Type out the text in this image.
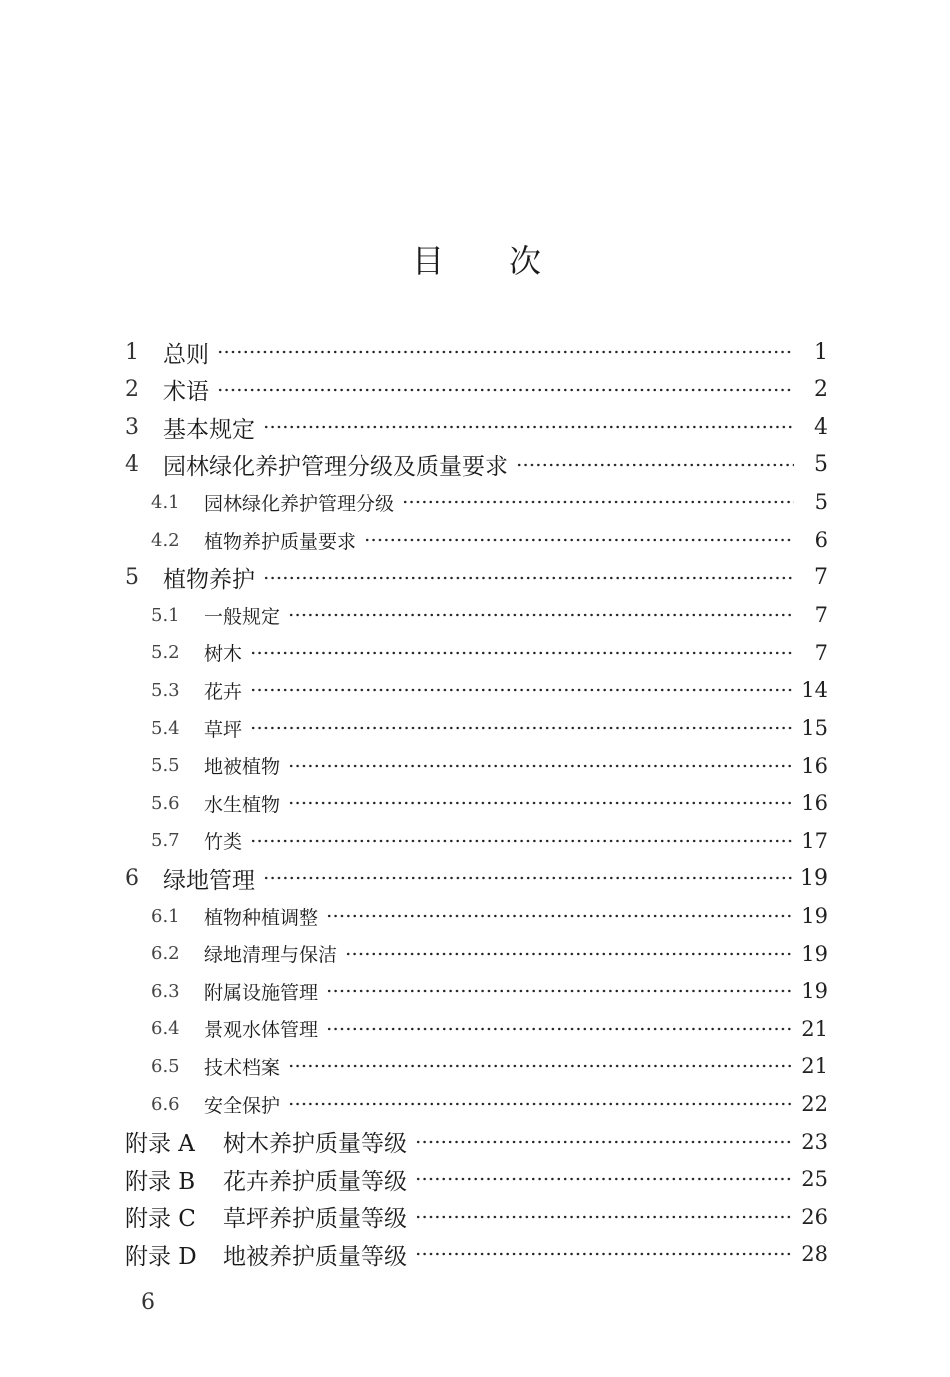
目 次
1	总则	1
2	术语	2
3	基本规定	4
4	园林绿化养护管理分级及质量要求	5
4.1	园林绿化养护管理分级	5
4.2	植物养护质量要求	6
5	植物养护	7
5.1	一般规定	7
5.2	树木	7
5.3	花卉	14
5.4	草坪	15
5.5	地被植物	16
5.6	水生植物	16
5.7	竹类	17
6	绿地管理	19
6.1	植物种植调整	19
6.2	绿地清理与保洁	19
6.3	附属设施管理	19
6.4	景观水体管理	21
6.5	技术档案	21
6.6	安全保护	22
附录 A	树木养护质量等级	23
附录 B	花卉养护质量等级	25
附录 C	草坪养护质量等级	26
附录 D	地被养护质量等级	28
6
